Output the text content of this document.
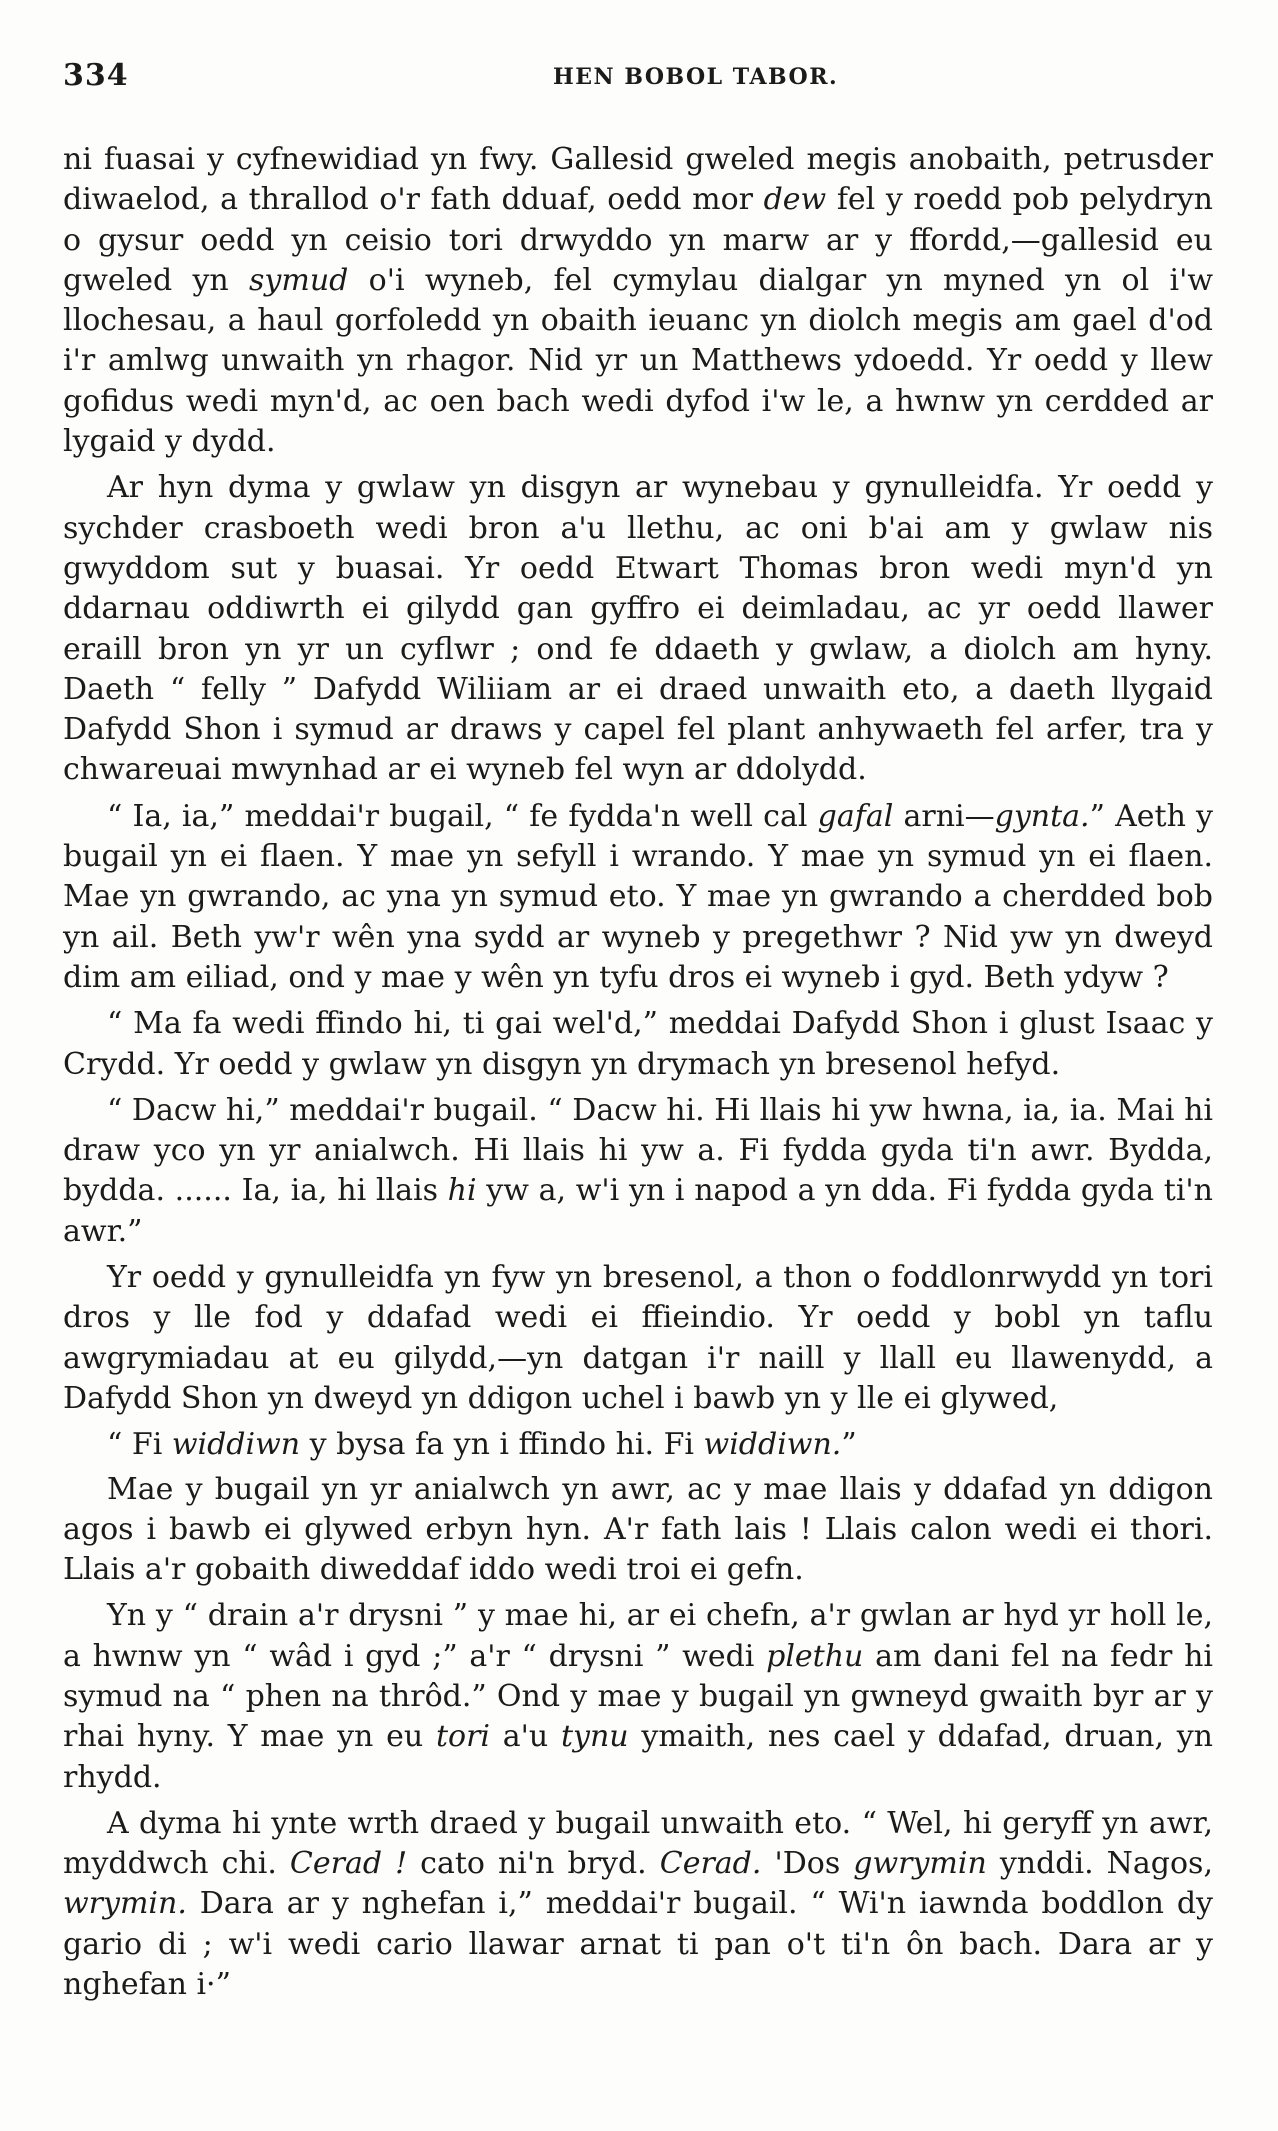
334	HEN BOBOL TABOR.

ni fuasai y cyfnewidiad yn fwy. Gallesid gweled megis anobaith, petrusder diwaelod, a thrallod o'r fath dduaf, oedd mor dew fel y roedd pob pelydryn o gysur oedd yn ceisio tori drwyddo yn marw ar y ffordd,—gallesid eu gweled yn symud o'i wyneb, fel cymylau dialgar yn myned yn ol i'w llochesau, a haul gorfoledd yn obaith ieuanc yn diolch megis am gael d'od i'r amlwg unwaith yn rhagor. Nid yr un Matthews ydoedd. Yr oedd y llew gofidus wedi myn'd, ac oen bach wedi dyfod i'w le, a hwnw yn cerdded ar lygaid y dydd.

Ar hyn dyma y gwlaw yn disgyn ar wynebau y gynulleidfa. Yr oedd y sychder crasboeth wedi bron a'u llethu, ac oni b'ai am y gwlaw nis gwyddom sut y buasai. Yr oedd Etwart Thomas bron wedi myn'd yn ddarnau oddiwrth ei gilydd gan gyffro ei deimladau, ac yr oedd llawer eraill bron yn yr un cyflwr ; ond fe ddaeth y gwlaw, a diolch am hyny. Daeth “ felly ” Dafydd Wiliiam ar ei draed unwaith eto, a daeth llygaid Dafydd Shon i symud ar draws y capel fel plant anhywaeth fel arfer, tra y chwareuai mwynhad ar ei wyneb fel wyn ar ddolydd.

“ Ia, ia,” meddai'r bugail, “ fe fydda'n well cal gafal arni—gynta.” Aeth y bugail yn ei flaen. Y mae yn sefyll i wrando. Y mae yn symud yn ei flaen. Mae yn gwrando, ac yna yn symud eto. Y mae yn gwrando a cherdded bob yn ail. Beth yw'r wên yna sydd ar wyneb y pregethwr ? Nid yw yn dweyd dim am eiliad, ond y mae y wên yn tyfu dros ei wyneb i gyd. Beth ydyw ?

“ Ma fa wedi ffindo hi, ti gai wel'd,” meddai Dafydd Shon i glust Isaac y Crydd. Yr oedd y gwlaw yn disgyn yn drymach yn bresenol hefyd.

“ Dacw hi,” meddai'r bugail. “ Dacw hi. Hi llais hi yw hwna, ia, ia. Mai hi draw yco yn yr anialwch. Hi llais hi yw a. Fi fydda gyda ti'n awr. Bydda, bydda. ...... Ia, ia, hi llais hi yw a, w'i yn i napod a yn dda. Fi fydda gyda ti'n awr.”

Yr oedd y gynulleidfa yn fyw yn bresenol, a thon o foddlonrwydd yn tori dros y lle fod y ddafad wedi ei ffieindio. Yr oedd y bobl yn taflu awgrymiadau at eu gilydd,—yn datgan i'r naill y llall eu llawenydd, a Dafydd Shon yn dweyd yn ddigon uchel i bawb yn y lle ei glywed,

“ Fi widdiwn y bysa fa yn i ffindo hi. Fi widdiwn.”

Mae y bugail yn yr anialwch yn awr, ac y mae llais y ddafad yn ddigon agos i bawb ei glywed erbyn hyn. A'r fath lais ! Llais calon wedi ei thori. Llais a'r gobaith diweddaf iddo wedi troi ei gefn.

Yn y “ drain a'r drysni ” y mae hi, ar ei chefn, a'r gwlan ar hyd yr holl le, a hwnw yn “ wâd i gyd ;” a'r “ drysni ” wedi plethu am dani fel na fedr hi symud na “ phen na thrôd.” Ond y mae y bugail yn gwneyd gwaith byr ar y rhai hyny. Y mae yn eu tori a'u tynu ymaith, nes cael y ddafad, druan, yn rhydd.

A dyma hi ynte wrth draed y bugail unwaith eto. “ Wel, hi geryff yn awr, myddwch chi. Cerad ! cato ni'n bryd. Cerad. 'Dos gwrymin ynddi. Nagos, wrymin. Dara ar y nghefan i,” meddai'r bugail. “ Wi'n iawnda boddlon dy gario di ; w'i wedi cario llawar arnat ti pan o't ti'n ôn bach. Dara ar y nghefan i·”
